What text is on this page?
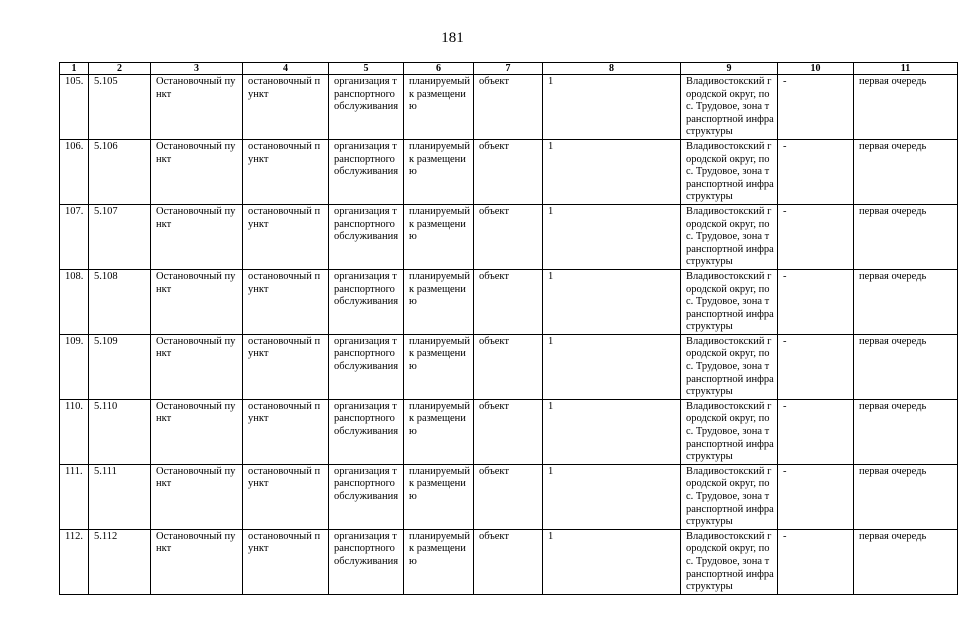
181
1	2	3	4	5	6	7	8	9	10	11
105.	5.105	Остановочный пункт	остановочный пункт	организация транспортного обслуживания	планируемый к размещению	объект	1	Владивостокский городской округ, пос. Трудовое, зона транспортной инфраструктуры	-	первая очередь
106.	5.106	Остановочный пункт	остановочный пункт	организация транспортного обслуживания	планируемый к размещению	объект	1	Владивостокский городской округ, пос. Трудовое, зона транспортной инфраструктуры	-	первая очередь
107.	5.107	Остановочный пункт	остановочный пункт	организация транспортного обслуживания	планируемый к размещению	объект	1	Владивостокский городской округ, пос. Трудовое, зона транспортной инфраструктуры	-	первая очередь
108.	5.108	Остановочный пункт	остановочный пункт	организация транспортного обслуживания	планируемый к размещению	объект	1	Владивостокский городской округ, пос. Трудовое, зона транспортной инфраструктуры	-	первая очередь
109.	5.109	Остановочный пункт	остановочный пункт	организация транспортного обслуживания	планируемый к размещению	объект	1	Владивостокский городской округ, пос. Трудовое, зона транспортной инфраструктуры	-	первая очередь
110.	5.110	Остановочный пункт	остановочный пункт	организация транспортного обслуживания	планируемый к размещению	объект	1	Владивостокский городской округ, пос. Трудовое, зона транспортной инфраструктуры	-	первая очередь
111.	5.111	Остановочный пункт	остановочный пункт	организация транспортного обслуживания	планируемый к размещению	объект	1	Владивостокский городской округ, пос. Трудовое, зона транспортной инфраструктуры	-	первая очередь
112.	5.112	Остановочный пункт	остановочный пункт	организация транспортного обслуживания	планируемый к размещению	объект	1	Владивостокский городской округ, пос. Трудовое, зона транспортной инфраструктуры	-	первая очередь
